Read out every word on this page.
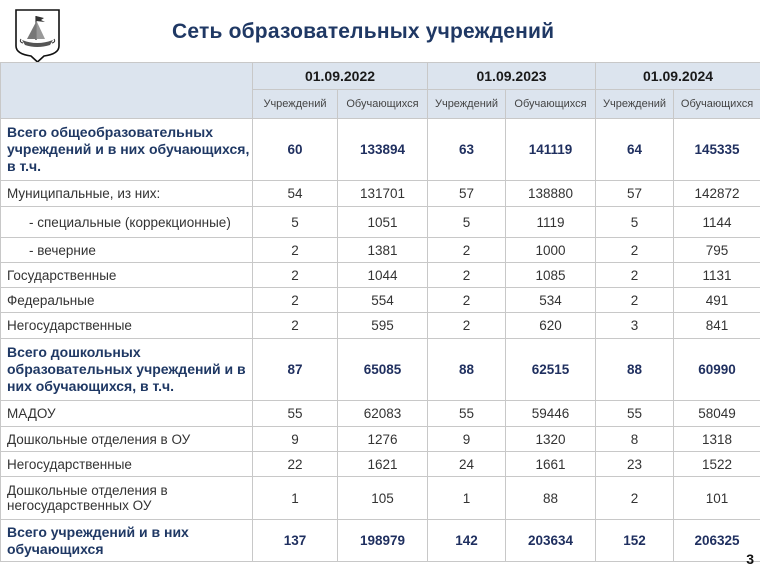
Сеть образовательных учреждений
	01.09.2022		01.09.2023		01.09.2024	
	Учреждений	Обучающихся	Учреждений	Обучающихся	Учреждений	Обучающихся
Всего общеобразовательных учреждений и в них обучающихся, в т.ч.	60	133894	63	141119	64	145335
Муниципальные, из них:	54	131701	57	138880	57	142872
- специальные (коррекционные)	5	1051	5	1119	5	1144
- вечерние	2	1381	2	1000	2	795
Государственные	2	1044	2	1085	2	1131
Федеральные	2	554	2	534	2	491
Негосударственные	2	595	2	620	3	841
Всего дошкольных образовательных учреждений и в них обучающихся, в т.ч.	87	65085	88	62515	88	60990
МАДОУ	55	62083	55	59446	55	58049
Дошкольные отделения в ОУ	9	1276	9	1320	8	1318
Негосударственные	22	1621	24	1661	23	1522
Дошкольные отделения в негосударственных ОУ	1	105	1	88	2	101
Всего учреждений и в них обучающихся	137	198979	142	203634	152	206325
3
